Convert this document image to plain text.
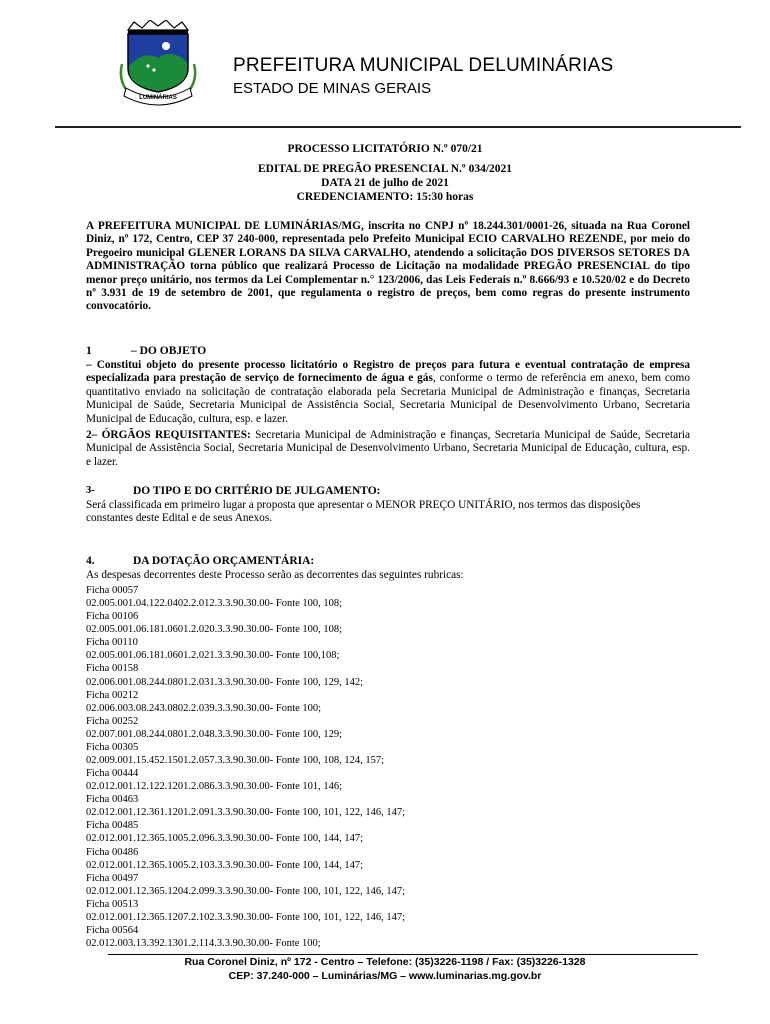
LUMINÁRIAS
PREFEITURA MUNICIPAL DELUMINÁRIAS
ESTADO DE MINAS GERAIS
PROCESSO LICITATÓRIO N.º 070/21
EDITAL DE PREGÃO PRESENCIAL N.º 034/2021
DATA 21 de julho de 2021
CREDENCIAMENTO: 15:30 horas

A PREFEITURA MUNICIPAL DE LUMINÁRIAS/MG, inscrita no CNPJ nº 18.244.301/0001-26, situada na Rua Coronel Diniz, nº 172, Centro, CEP 37 240-000, representada pelo Prefeito Municipal ECIO CARVALHO REZENDE, por meio do Pregoeiro municipal GLENER LORANS DA SILVA CARVALHO, atendendo a solicitação DOS DIVERSOS SETORES DA ADMINISTRAÇÃO torna público que realizará Processo de Licitação na modalidade PREGÃO PRESENCIAL do tipo menor preço unitário, nos termos da Lei Complementar n.° 123/2006, das Leis Federais n.º 8.666/93 e 10.520/02 e do Decreto nº 3.931 de 19 de setembro de 2001, que regulamenta o registro de preços, bem como regras do presente instrumento convocatório.

1	– DO OBJETO

– Constitui objeto do presente processo licitatório o Registro de preços para futura e eventual contratação de empresa especializada para prestação de serviço de fornecimento de água e gás, conforme o termo de referência em anexo, bem como quantitativo enviado na solicitação de contratação elaborada pela Secretaria Municipal de Administração e finanças, Secretaria Municipal de Saúde, Secretaria Municipal de Assistência Social, Secretaria Municipal de Desenvolvimento Urbano, Secretaria Municipal de Educação, cultura, esp. e lazer.

2– ÓRGÃOS REQUISITANTES: Secretaria Municipal de Administração e finanças, Secretaria Municipal de Saúde, Secretaria Municipal de Assistência Social, Secretaria Municipal de Desenvolvimento Urbano, Secretaria Municipal de Educação, cultura, esp. e lazer.

3-	DO TIPO E DO CRITÉRIO DE JULGAMENTO:

Será classificada em primeiro lugar a proposta que apresentar o MENOR PREÇO UNITÁRIO, nos termos das disposições constantes deste Edital e de seus Anexos.

4.	DA DOTAÇÃO ORÇAMENTÁRIA:
As despesas decorrentes deste Processo serão as decorrentes das seguintes rubricas:
Ficha 00057
02.005.001.04.122.0402.2.012.3.3.90.30.00- Fonte 100, 108;
Ficha 00106
02.005.001.06.181.0601.2.020.3.3.90.30.00- Fonte 100, 108;
Ficha 00110
02.005.001.06.181.0601.2.021.3.3.90.30.00- Fonte 100,108;
Ficha 00158
02.006.001.08.244.0801.2.031.3.3.90.30.00- Fonte 100, 129, 142;
Ficha 00212
02.006.003.08.243.0802.2.039.3.3.90.30.00- Fonte 100;
Ficha 00252
02.007.001.08.244.0801.2.048.3.3.90.30.00- Fonte 100, 129;
Ficha 00305
02.009.001.15.452.1501.2.057.3.3.90.30.00- Fonte 100, 108, 124, 157;
Ficha 00444
02.012.001.12.122.1201.2.086.3.3.90.30.00- Fonte 101, 146;
Ficha 00463
02.012.001.12.361.1201.2.091.3.3.90.30.00- Fonte 100, 101, 122, 146, 147;
Ficha 00485
02.012.001.12.365.1005.2.096.3.3.90.30.00- Fonte 100, 144, 147;
Ficha 00486
02.012.001.12.365.1005.2.103.3.3.90.30.00- Fonte 100, 144, 147;
Ficha 00497
02.012.001.12.365.1204.2.099.3.3.90.30.00- Fonte 100, 101, 122, 146, 147;
Ficha 00513
02.012.001.12.365.1207.2.102.3.3.90.30.00- Fonte 100, 101, 122, 146, 147;
Ficha 00564
02.012.003.13.392.1301.2.114.3.3.90.30.00- Fonte 100;
Rua Coronel Diniz, nº 172 - Centro – Telefone: (35)3226-1198 / Fax: (35)3226-1328
CEP: 37.240-000 – Luminárias/MG – www.luminarias.mg.gov.br
